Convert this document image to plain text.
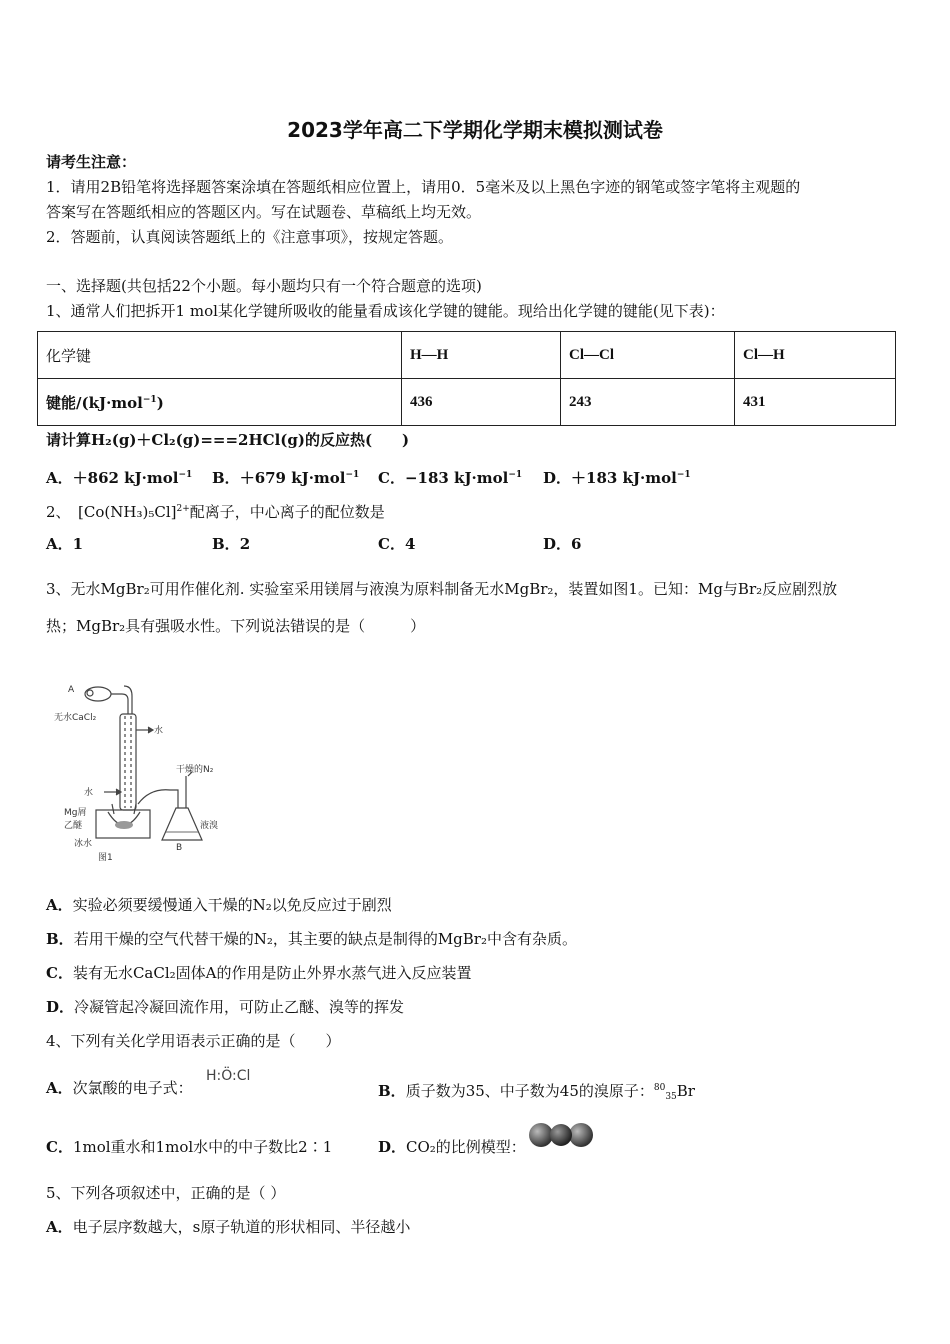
2023学年高二下学期化学期末模拟测试卷
请考生注意：
1．请用2B铅笔将选择题答案涂填在答题纸相应位置上，请用0．5毫米及以上黑色字迹的钢笔或签字笔将主观题的
答案写在答题纸相应的答题区内。写在试题卷、草稿纸上均无效。
2．答题前，认真阅读答题纸上的《注意事项》，按规定答题。
一、选择题(共包括22个小题。每小题均只有一个符合题意的选项)
1、通常人们把拆开1 mol某化学键所吸收的能量看成该化学键的键能。现给出化学键的键能(见下表)：
化学键	H—H	Cl—Cl	Cl—H
键能/(kJ·mol$^{-1}$)	436	243	431
请计算H₂(g)＋Cl₂(g)===2HCl(g)的反应热(　　)
A．＋862 kJ·mol$^{-1}$ B．＋679 kJ·mol$^{-1}$ C．−183 kJ·mol$^{-1}$ D．＋183 kJ·mol$^{-1}$
2、　$[Co(NH_3)_5Cl]^{2+}$配离子，中心离子的配位数是
A．1	B．2	C．4	D．6
3、无水MgBr₂可用作催化剂. 实验室采用镁屑与液溴为原料制备无水MgBr₂，装置如图1。已知：Mg与Br₂反应剧烈放
热；MgBr₂具有强吸水性。下列说法错误的是（　　　）
A
无水CaCl₂
水
水
干燥的N₂
Mg屑
乙醚	液溴
冰水	B
图1
A．实验必须要缓慢通入干燥的N₂以免反应过于剧烈
B．若用干燥的空气代替干燥的N₂，其主要的缺点是制得的MgBr₂中含有杂质。
C．装有无水CaCl₂固体A的作用是防止外界水蒸气进入反应装置
D．冷凝管起冷凝回流作用，可防止乙醚、溴等的挥发
4、下列有关化学用语表示正确的是（　　）
A．次氯酸的电子式：
H:Ö:Cl
B．质子数为35、中子数为45的溴原子：$^{80}_{35}$Br
C．1mol重水和1mol水中的中子数比2∶1	D．CO₂的比例模型：
5、下列各项叙述中，正确的是（ ）
A．电子层序数越大，s原子轨道的形状相同、半径越小
